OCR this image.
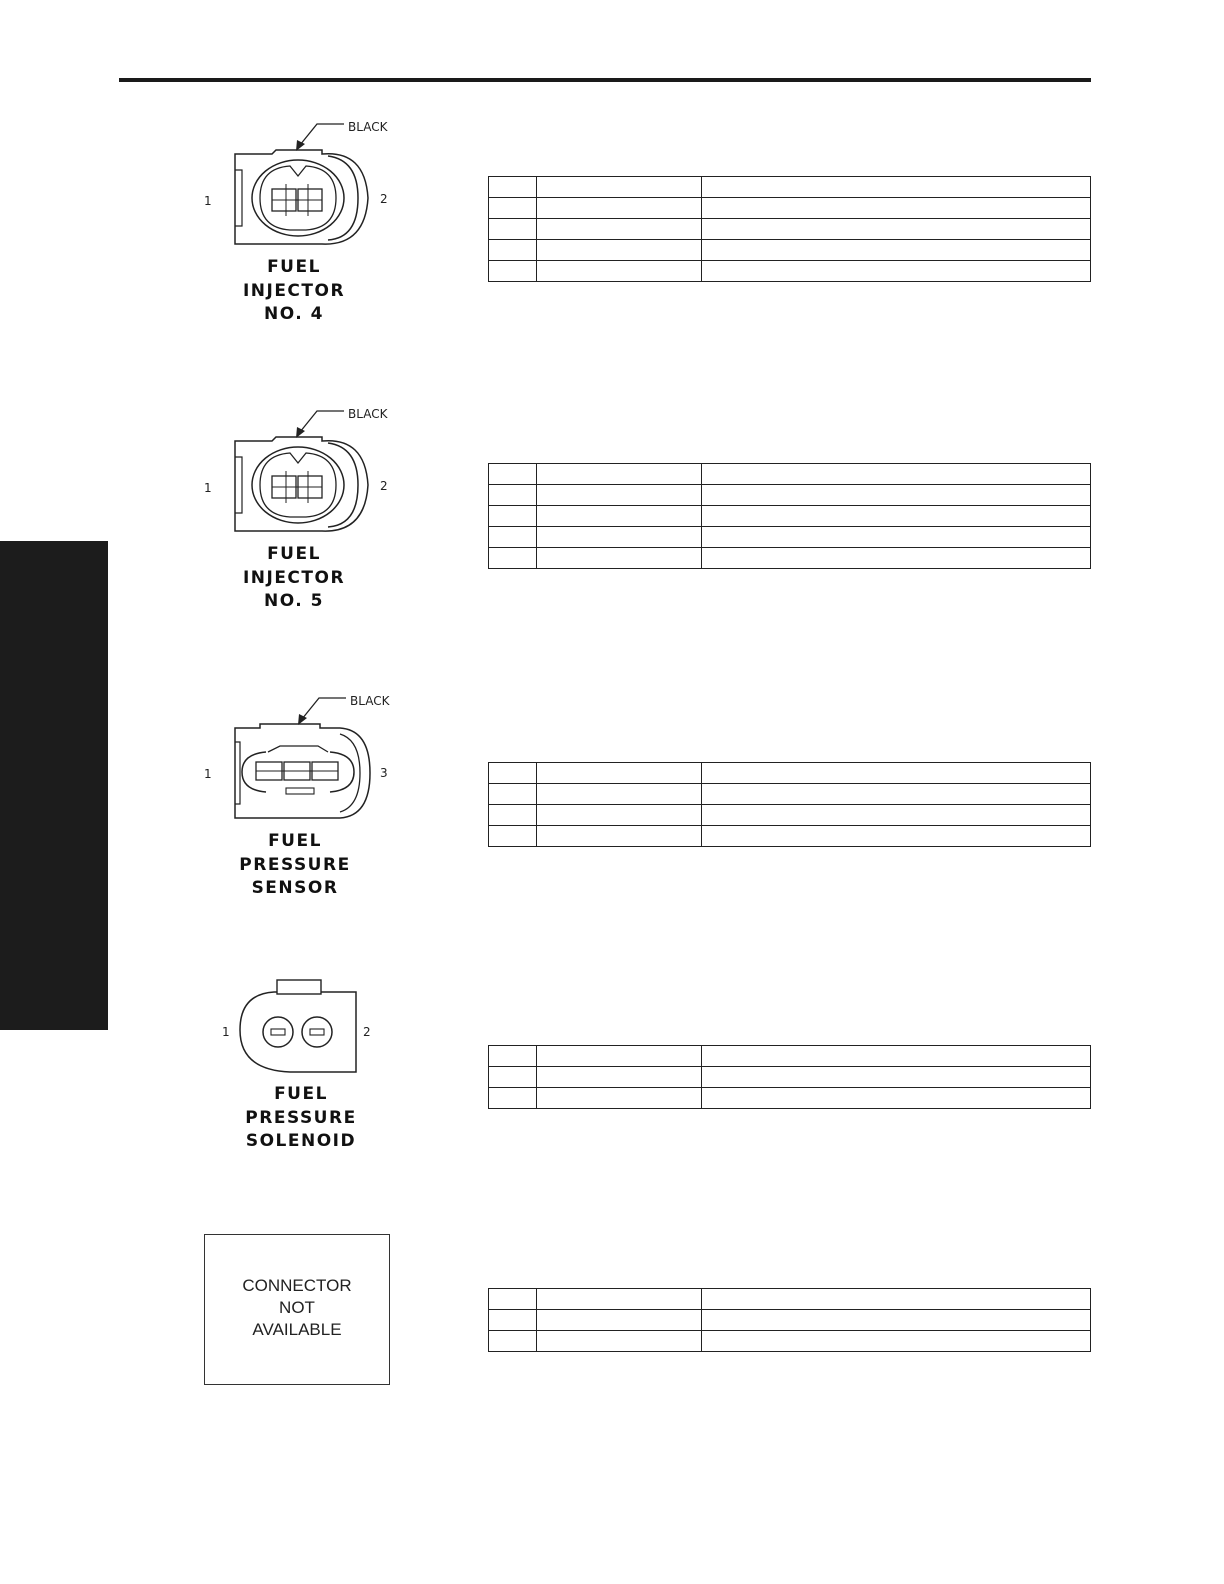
BLACK
1	2
FUEL
INJECTOR
NO. 4

BLACK
1	2
FUEL
INJECTOR
NO. 5

BLACK
1	3
FUEL
PRESSURE
SENSOR

1	2
FUEL
PRESSURE
SOLENOID

CONNECTOR
NOT
AVAILABLE
